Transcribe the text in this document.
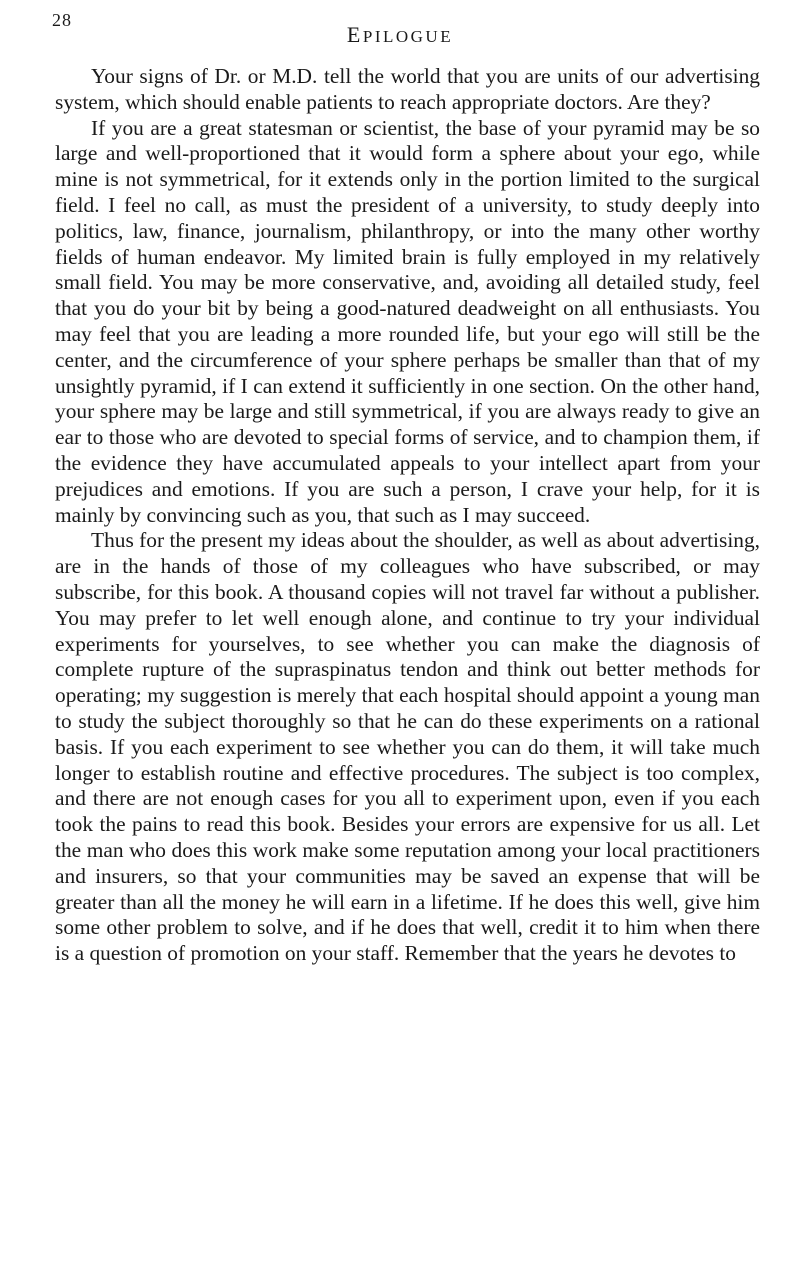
28
EPILOGUE

Your signs of Dr. or M.D. tell the world that you are units of our advertising system, which should enable patients to reach appropriate doctors. Are they?

If you are a great statesman or scientist, the base of your pyramid may be so large and well-proportioned that it would form a sphere about your ego, while mine is not symmetrical, for it extends only in the portion limited to the surgical field. I feel no call, as must the president of a university, to study deeply into politics, law, finance, journalism, philanthropy, or into the many other worthy fields of human endeavor. My limited brain is fully employed in my relatively small field. You may be more conservative, and, avoiding all detailed study, feel that you do your bit by being a good-natured deadweight on all enthusiasts. You may feel that you are leading a more rounded life, but your ego will still be the center, and the circumference of your sphere perhaps be smaller than that of my unsightly pyramid, if I can extend it sufficiently in one section. On the other hand, your sphere may be large and still symmetrical, if you are always ready to give an ear to those who are devoted to special forms of service, and to champion them, if the evidence they have accumulated appeals to your intellect apart from your prejudices and emotions. If you are such a person, I crave your help, for it is mainly by convincing such as you, that such as I may succeed.

Thus for the present my ideas about the shoulder, as well as about advertising, are in the hands of those of my colleagues who have subscribed, or may subscribe, for this book. A thousand copies will not travel far without a publisher. You may prefer to let well enough alone, and continue to try your individual experiments for yourselves, to see whether you can make the diagnosis of complete rupture of the supraspinatus tendon and think out better methods for operating; my suggestion is merely that each hospital should appoint a young man to study the subject thoroughly so that he can do these experiments on a rational basis. If you each experiment to see whether you can do them, it will take much longer to establish routine and effective procedures. The subject is too complex, and there are not enough cases for you all to experiment upon, even if you each took the pains to read this book. Besides your errors are expensive for us all. Let the man who does this work make some reputation among your local practitioners and insurers, so that your communities may be saved an expense that will be greater than all the money he will earn in a lifetime. If he does this well, give him some other problem to solve, and if he does that well, credit it to him when there is a question of promotion on your staff. Remember that the years he devotes to
